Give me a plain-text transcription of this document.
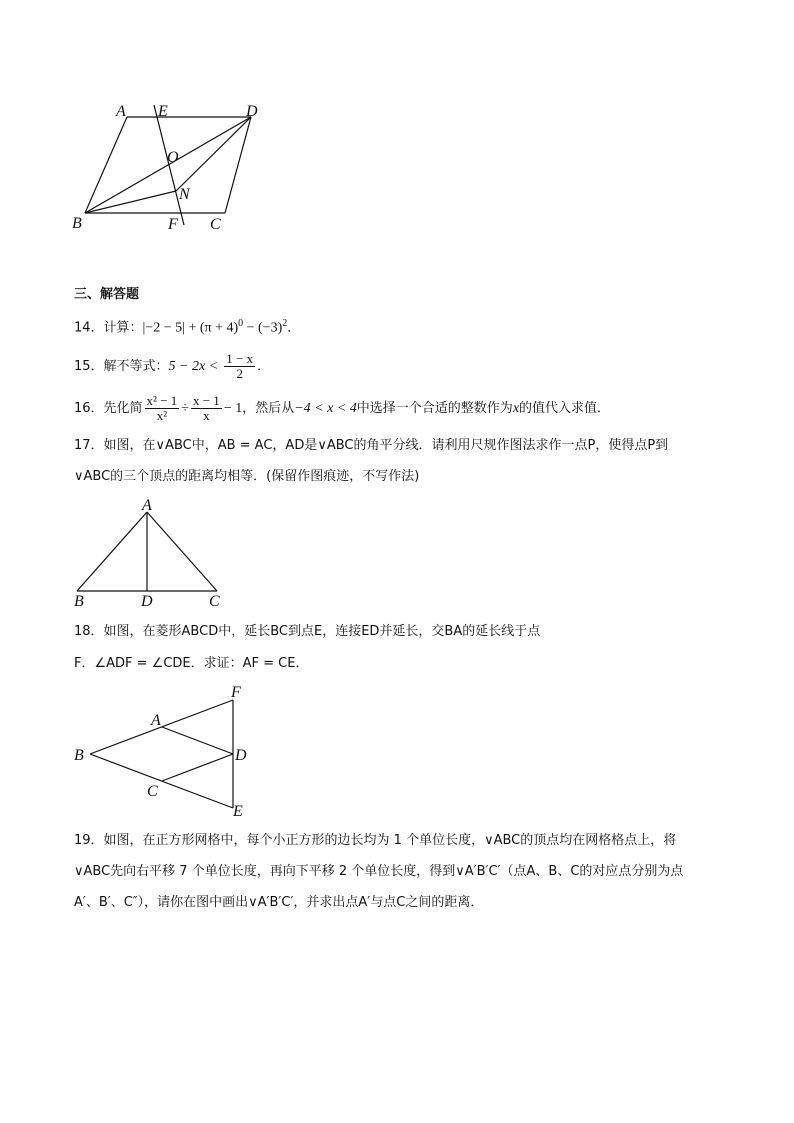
A E	D
O
N
B	F C
三、解答题
14．计算：$|-2 - 5| + (\pi + 4)^0 - (-3)^2$．
15．解不等式：$5 - 2x < \frac{1 - x}{2}$ ．
16．先化简 $\frac{\text{x² − 1}}{\text{x²}} \div \frac{x - 1}{x} - 1$，然后从−4 < x < 4中选择一个合适的整数作为x的值代入求值．
17．如图，在∨ABC中，AB = AC，AD是∨ABC的角平分线．请利用尺规作图法求作一点P，使得点P到
∨ABC的三个顶点的距离均相等．(保留作图痕迹，不写作法)
A
B	D	C
18．如图，在菱形ABCD中，延长BC到点E，连接ED并延长，交BA的延长线于点
F．∠ADF = ∠CDE．求证：AF = CE．
F
A
B	D
C
E
19．如图，在正方形网格中，每个小正方形的边长均为 1 个单位长度，∨ABC的顶点均在网格格点上，将
∨ABC先向右平移 7 个单位长度，再向下平移 2 个单位长度，得到∨A′B′C′（点A、B、C的对应点分别为点
A′、B′、C″），请你在图中画出∨A′B′C′，并求出点A′与点C之间的距离．
